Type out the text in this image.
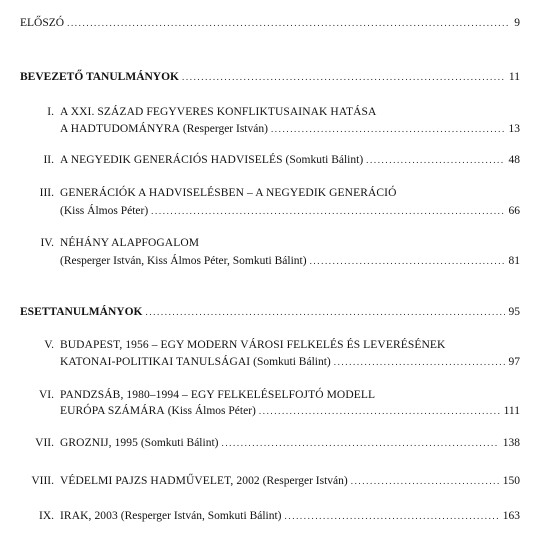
ELŐSZÓ .....	9
BEVEZETŐ TANULMÁNYOK .....	11
I. A XXI. SZÁZAD FEGYVERES KONFLIKTUSAINAK HATÁSA
A HADTUDOMÁNYRA (Resperger István) .....	13
II. A NEGYEDIK GENERÁCIÓS HADVISELÉS (Somkuti Bálint) .....	48
III. GENERÁCIÓK A HADVISELÉSBEN – A NEGYEDIK GENERÁCIÓ
(Kiss Álmos Péter) .....	66
IV. NÉHÁNY ALAPFOGALOM
(Resperger István, Kiss Álmos Péter, Somkuti Bálint) .....	81
ESETTANULMÁNYOK .....	95
V. BUDAPEST, 1956 – EGY MODERN VÁROSI FELKELÉS ÉS LEVERÉSÉNEK
KATONAI-POLITIKAI TANULSÁGAI (Somkuti Bálint) .....	97
VI. PANDZSÁB, 1980–1994 – EGY FELKELÉSELFOJTÓ MODELL
EURÓPA SZÁMÁRA (Kiss Álmos Péter) .....	111
VII. GROZNIJ, 1995 (Somkuti Bálint) .....	138
VIII. VÉDELMI PAJZS HADMŰVELET, 2002 (Resperger István) .....	150
IX. IRAK, 2003 (Resperger István, Somkuti Bálint) .....	163
